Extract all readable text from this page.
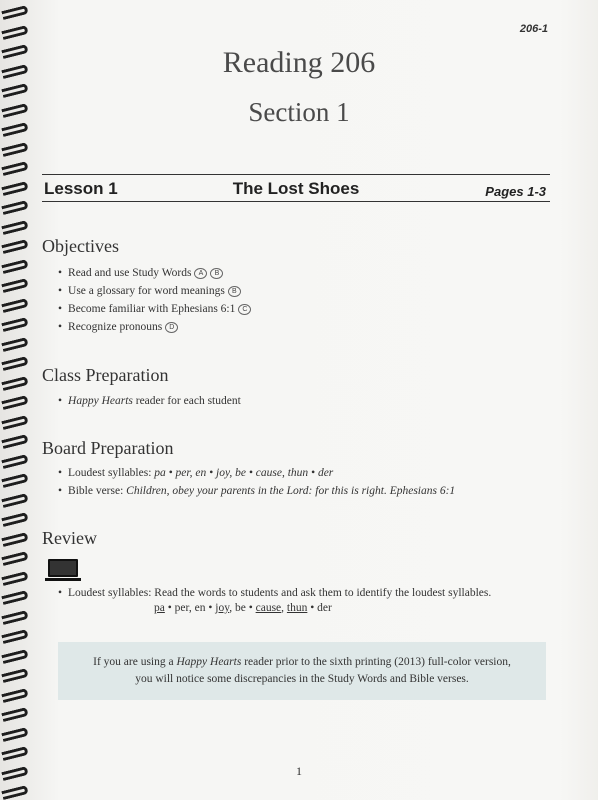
206-1
Reading 206
Section 1
Lesson 1	The Lost Shoes	Pages 1-3
Objectives
• Read and use Study Words A B
• Use a glossary for word meanings B
• Become familiar with Ephesians 6:1 C
• Recognize pronouns D
Class Preparation
• Happy Hearts reader for each student
Board Preparation
• Loudest syllables: pa • per, en • joy, be • cause, thun • der
• Bible verse: Children, obey your parents in the Lord: for this is right. Ephesians 6:1
Review
• Loudest syllables: Read the words to students and ask them to identify the loudest syllables.
pa • per, en • joy, be • cause, thun • der
If you are using a Happy Hearts reader prior to the sixth printing (2013) full-color version,
you will notice some discrepancies in the Study Words and Bible verses.
1
